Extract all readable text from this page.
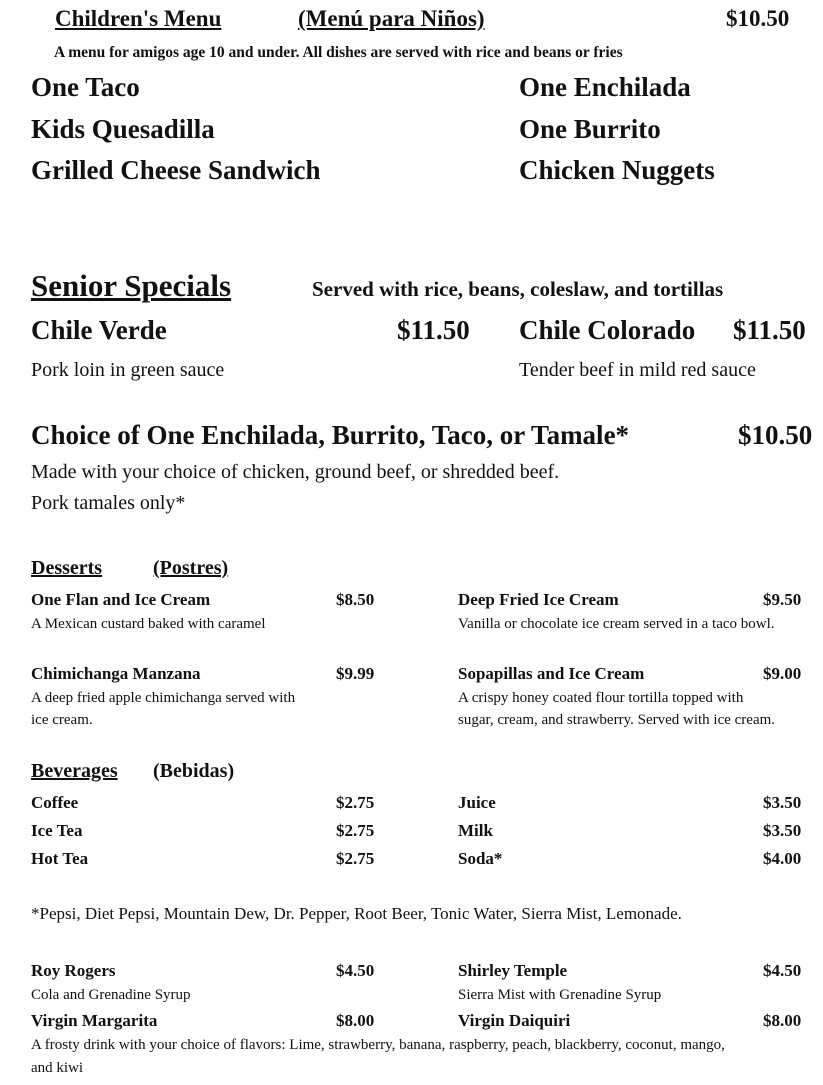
Children's Menu	(Menú para Niños)	$10.50
A menu for amigos age 10 and under. All dishes are served with rice and beans or fries
One Taco
Kids Quesadilla
Grilled Cheese Sandwich
One Enchilada
One Burrito
Chicken Nuggets
Senior Specials	Served with rice, beans, coleslaw, and tortillas
Chile Verde	$11.50
Pork loin in green sauce
Chile Colorado $11.50
Tender beef in mild red sauce
Choice of One Enchilada, Burrito, Taco, or Tamale*	$10.50
Made with your choice of chicken, ground beef, or shredded beef.
Pork tamales only*
Desserts	(Postres)
One Flan and Ice Cream	$8.50
A Mexican custard baked with caramel
Deep Fried Ice Cream	$9.50
Vanilla or chocolate ice cream served in a taco bowl.
Chimichanga Manzana	$9.99
A deep fried apple chimichanga served with
ice cream.
Sopapillas and Ice Cream	$9.00
A crispy honey coated flour tortilla topped with
sugar, cream, and strawberry. Served with ice cream.
Beverages (Bebidas)
Coffee	$2.75
Ice Tea	$2.75
Hot Tea	$2.75
Juice	$3.50
Milk	$3.50
Soda*	$4.00
*Pepsi, Diet Pepsi, Mountain Dew, Dr. Pepper, Root Beer, Tonic Water, Sierra Mist, Lemonade.
Roy Rogers	$4.50
Cola and Grenadine Syrup
Shirley Temple	$4.50
Sierra Mist with Grenadine Syrup
Virgin Margarita	$8.00	Virgin Daiquiri	$8.00
A frosty drink with your choice of flavors: Lime, strawberry, banana, raspberry, peach, blackberry, coconut, mango,
and kiwi
